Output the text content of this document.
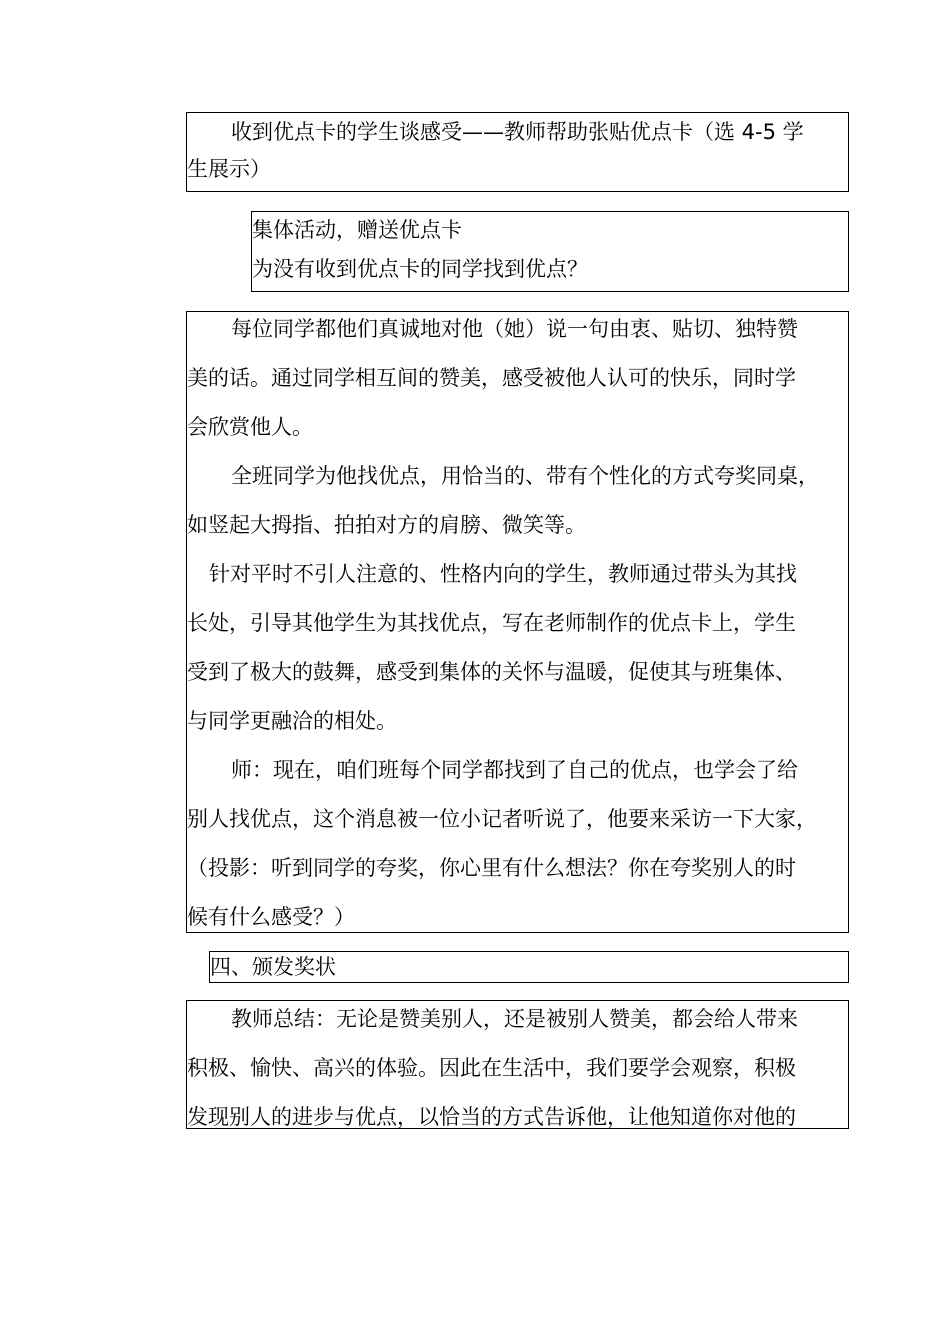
收到优点卡的学生谈感受——教师帮助张贴优点卡（选 4-5 学

生展示）

集体活动，赠送优点卡

为没有收到优点卡的同学找到优点？

每位同学都他们真诚地对他（她）说一句由衷、贴切、独特赞

美的话。通过同学相互间的赞美，感受被他人认可的快乐，同时学

会欣赏他人。

全班同学为他找优点，用恰当的、带有个性化的方式夸奖同桌，

如竖起大拇指、拍拍对方的肩膀、微笑等。

针对平时不引人注意的、性格内向的学生，教师通过带头为其找

长处，引导其他学生为其找优点，写在老师制作的优点卡上，学生

受到了极大的鼓舞，感受到集体的关怀与温暖，促使其与班集体、

与同学更融洽的相处。

师：现在，咱们班每个同学都找到了自己的优点，也学会了给

别人找优点，这个消息被一位小记者听说了，他要来采访一下大家，

（投影：听到同学的夸奖，你心里有什么想法？你在夸奖别人的时

候有什么感受？）

四、颁发奖状

教师总结：无论是赞美别人，还是被别人赞美，都会给人带来

积极、愉快、高兴的体验。因此在生活中，我们要学会观察，积极

发现别人的进步与优点，以恰当的方式告诉他，让他知道你对他的
